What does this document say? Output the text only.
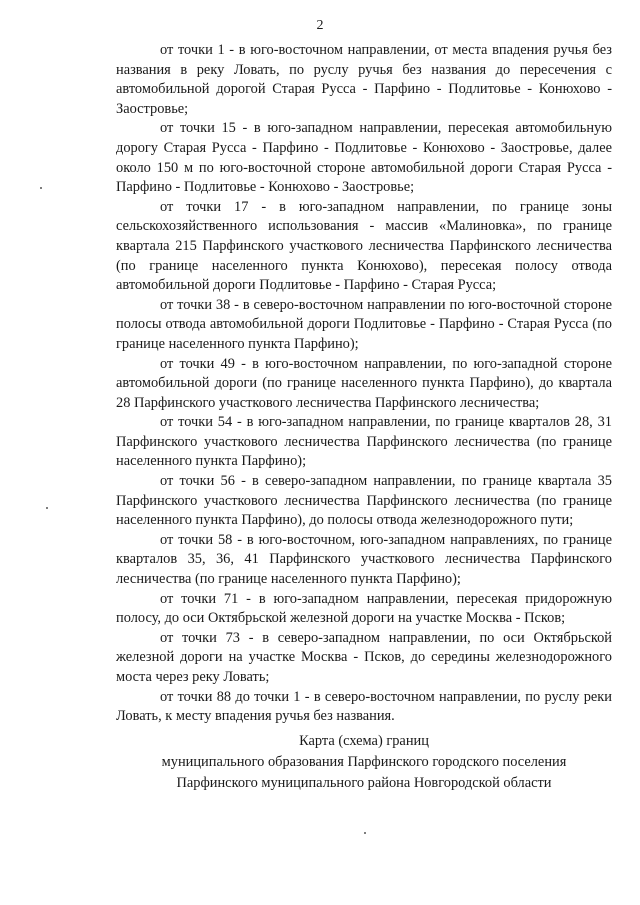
2

от точки 1 - в юго-восточном направлении, от места впадения ручья без названия в реку Ловать, по руслу ручья без названия до пересечения с автомобильной дорогой Старая Русса - Парфино - Подлитовье - Конюхово - Заостровье;

от точки 15 - в юго-западном направлении, пересекая автомобильную дорогу Старая Русса - Парфино - Подлитовье - Конюхово - Заостровье, далее около 150 м по юго-восточной стороне автомобильной дороги Старая Русса - Парфино - Подлитовье - Конюхово - Заостровье;

от точки 17 - в юго-западном направлении, по границе зоны сельскохозяйственного использования - массив «Малиновка», по границе квартала 215 Парфинского участкового лесничества Парфинского лесничества (по границе населенного пункта Конюхово), пересекая полосу отвода автомобильной дороги Подлитовье - Парфино - Старая Русса;

от точки 38 - в северо-восточном направлении по юго-восточной стороне полосы отвода автомобильной дороги Подлитовье - Парфино - Старая Русса (по границе населенного пункта Парфино);

от точки 49 - в юго-восточном направлении, по юго-западной стороне автомобильной дороги (по границе населенного пункта Парфино), до квартала 28 Парфинского участкового лесничества Парфинского лесничества;

от точки 54 - в юго-западном направлении, по границе кварталов 28, 31 Парфинского участкового лесничества Парфинского лесничества (по границе населенного пункта Парфино);

от точки 56 - в северо-западном направлении, по границе квартала 35 Парфинского участкового лесничества Парфинского лесничества (по границе населенного пункта Парфино), до полосы отвода железнодорожного пути;

от точки 58 - в юго-восточном, юго-западном направлениях, по границе кварталов 35, 36, 41 Парфинского участкового лесничества Парфинского лесничества (по границе населенного пункта Парфино);

от точки 71 - в юго-западном направлении, пересекая придорожную полосу, до оси Октябрьской железной дороги на участке Москва - Псков;

от точки 73 - в северо-западном направлении, по оси Октябрьской железной дороги на участке Москва - Псков, до середины железнодорожного моста через реку Ловать;

от точки 88 до точки 1 - в северо-восточном направлении, по руслу реки Ловать, к месту впадения ручья без названия.

Карта (схема) границ
муниципального образования Парфинского городского поселения
Парфинского муниципального района Новгородской области
